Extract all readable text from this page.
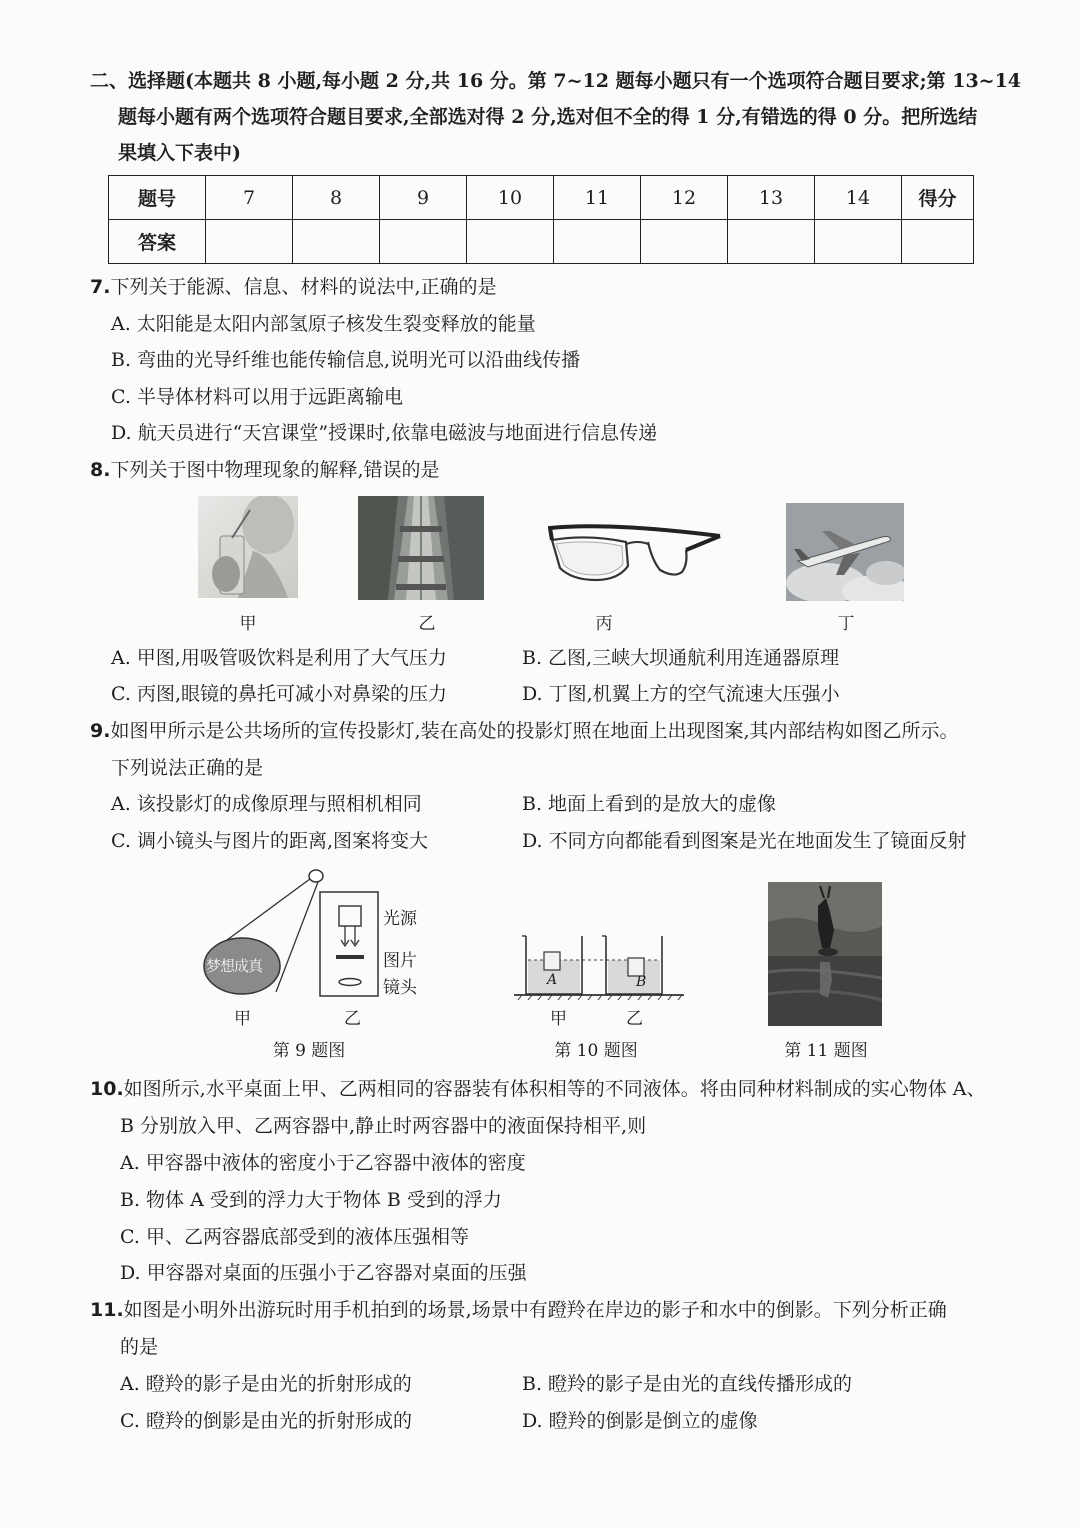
二、选择题(本题共 8 小题,每小题 2 分,共 16 分。第 7~12 题每小题只有一个选项符合题目要求;第 13~14
题每小题有两个选项符合题目要求,全部选对得 2 分,选对但不全的得 1 分,有错选的得 0 分。把所选结
果填入下表中)
题号	7	8	9	10	11	12	13	14	得分
答案									
7.下列关于能源、信息、材料的说法中,正确的是
A. 太阳能是太阳内部氢原子核发生裂变释放的能量
B. 弯曲的光导纤维也能传输信息,说明光可以沿曲线传播
C. 半导体材料可以用于远距离输电
D. 航天员进行“天宫课堂”授课时,依靠电磁波与地面进行信息传递
8.下列关于图中物理现象的解释,错误的是
甲	乙	丙	丁
A. 甲图,用吸管吸饮料是利用了大气压力	B. 乙图,三峡大坝通航利用连通器原理
C. 丙图,眼镜的鼻托可减小对鼻梁的压力	D. 丁图,机翼上方的空气流速大压强小
9.如图甲所示是公共场所的宣传投影灯,装在高处的投影灯照在地面上出现图案,其内部结构如图乙所示。
下列说法正确的是
A. 该投影灯的成像原理与照相机相同	B. 地面上看到的是放大的虚像
C. 调小镜头与图片的距离,图案将变大	D. 不同方向都能看到图案是光在地面发生了镜面反射
梦想成真
光源
图片
镜头
甲	乙
第 9 题图
A	B
甲	乙
第 10 题图	第 11 题图
10.如图所示,水平桌面上甲、乙两相同的容器装有体积相等的不同液体。将由同种材料制成的实心物体 A、
B 分别放入甲、乙两容器中,静止时两容器中的液面保持相平,则
A. 甲容器中液体的密度小于乙容器中液体的密度
B. 物体 A 受到的浮力大于物体 B 受到的浮力
C. 甲、乙两容器底部受到的液体压强相等
D. 甲容器对桌面的压强小于乙容器对桌面的压强
11.如图是小明外出游玩时用手机拍到的场景,场景中有蹬羚在岸边的影子和水中的倒影。下列分析正确
的是
A. 瞪羚的影子是由光的折射形成的	B. 瞪羚的影子是由光的直线传播形成的
C. 瞪羚的倒影是由光的折射形成的	D. 瞪羚的倒影是倒立的虚像
